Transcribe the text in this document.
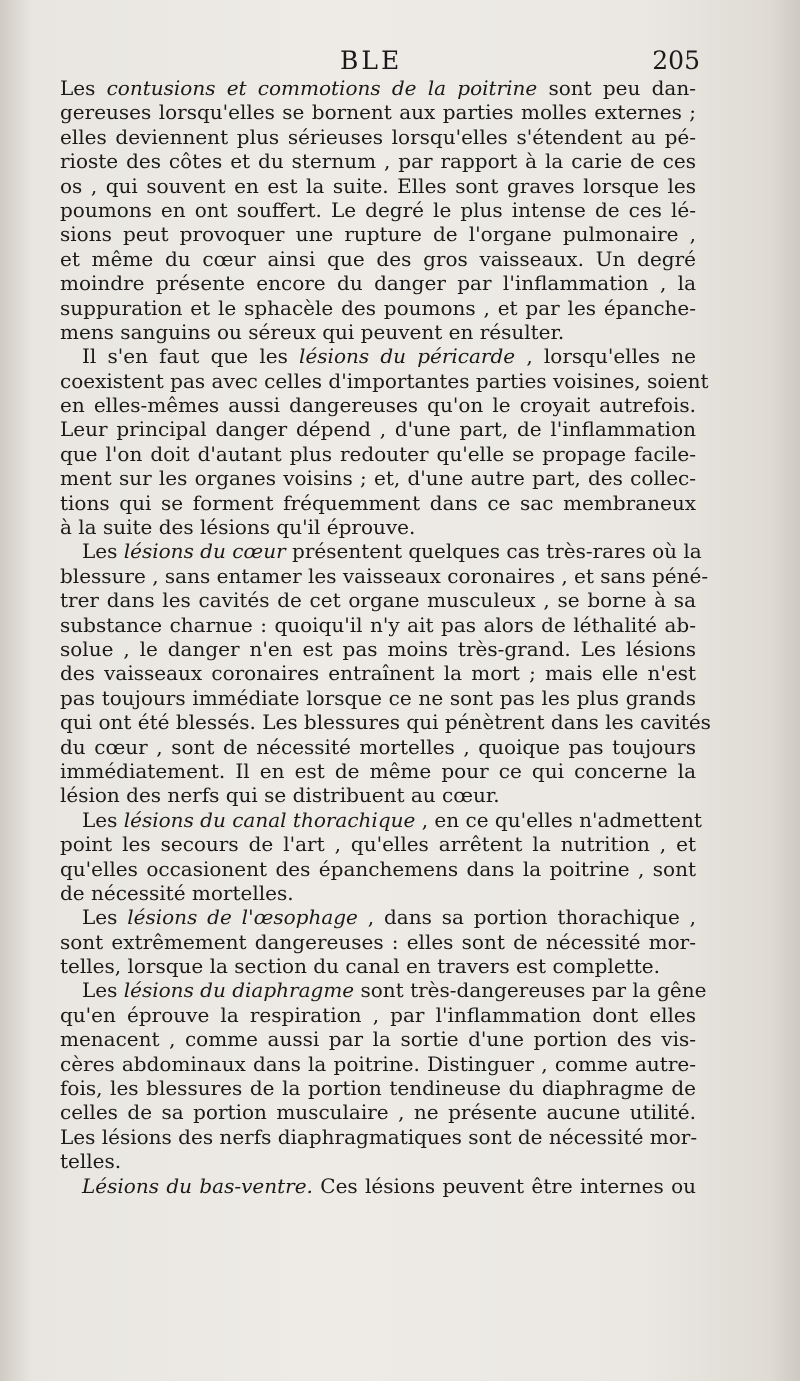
BLE	205
Les contusions et commotions de la poitrine sont peu dan-
gereuses lorsqu'elles se bornent aux parties molles externes ;
elles deviennent plus sérieuses lorsqu'elles s'étendent au pé-
rioste des côtes et du sternum , par rapport à la carie de ces
os , qui souvent en est la suite. Elles sont graves lorsque les
poumons en ont souffert. Le degré le plus intense de ces lé-
sions peut provoquer une rupture de l'organe pulmonaire ,
et même du cœur ainsi que des gros vaisseaux. Un degré
moindre présente encore du danger par l'inflammation , la
suppuration et le sphacèle des poumons , et par les épanche-
mens sanguins ou séreux qui peuvent en résulter.
Il s'en faut que les lésions du péricarde , lorsqu'elles ne
coexistent pas avec celles d'importantes parties voisines, soient
en elles-mêmes aussi dangereuses qu'on le croyait autrefois.
Leur principal danger dépend , d'une part, de l'inflammation
que l'on doit d'autant plus redouter qu'elle se propage facile-
ment sur les organes voisins ; et, d'une autre part, des collec-
tions qui se forment fréquemment dans ce sac membraneux
à la suite des lésions qu'il éprouve.
Les lésions du cœur présentent quelques cas très-rares où la
blessure , sans entamer les vaisseaux coronaires , et sans péné-
trer dans les cavités de cet organe musculeux , se borne à sa
substance charnue : quoiqu'il n'y ait pas alors de léthalité ab-
solue , le danger n'en est pas moins très-grand. Les lésions
des vaisseaux coronaires entraînent la mort ; mais elle n'est
pas toujours immédiate lorsque ce ne sont pas les plus grands
qui ont été blessés. Les blessures qui pénètrent dans les cavités
du cœur , sont de nécessité mortelles , quoique pas toujours
immédiatement. Il en est de même pour ce qui concerne la
lésion des nerfs qui se distribuent au cœur.
Les lésions du canal thorachique , en ce qu'elles n'admettent
point les secours de l'art , qu'elles arrêtent la nutrition , et
qu'elles occasionent des épanchemens dans la poitrine , sont
de nécessité mortelles.
Les lésions de l'œsophage , dans sa portion thorachique ,
sont extrêmement dangereuses : elles sont de nécessité mor-
telles, lorsque la section du canal en travers est complette.
Les lésions du diaphragme sont très-dangereuses par la gêne
qu'en éprouve la respiration , par l'inflammation dont elles
menacent , comme aussi par la sortie d'une portion des vis-
cères abdominaux dans la poitrine. Distinguer , comme autre-
fois, les blessures de la portion tendineuse du diaphragme de
celles de sa portion musculaire , ne présente aucune utilité.
Les lésions des nerfs diaphragmatiques sont de nécessité mor-
telles.
Lésions du bas-ventre. Ces lésions peuvent être internes ou
